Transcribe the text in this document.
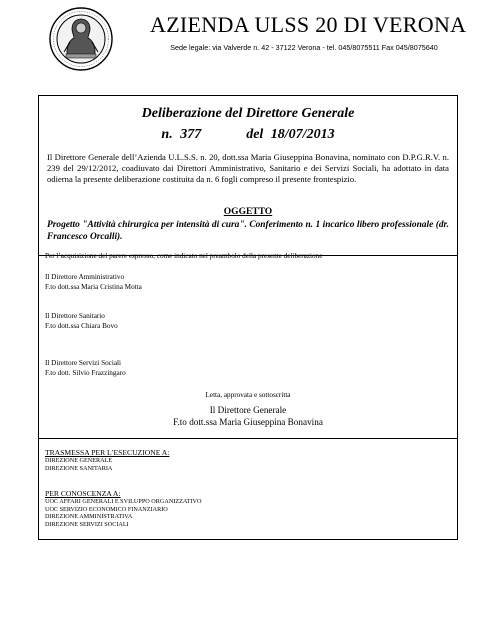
AZIENDA ULSS 20 DI VERONA
Sede legale: via Valverde n. 42 - 37122 Verona - tel. 045/8075511 Fax 045/8075640
Deliberazione del Direttore Generale
n. 377      del 18/07/2013
Il Direttore Generale dell’Azienda U.L.S.S. n. 20, dott.ssa Maria Giuseppina Bonavina, nominato con D.P.G.R.V. n. 239 del 29/12/2012, coadiuvato dai Direttori Amministrativo, Sanitario e dei Servizi Sociali, ha adottato in data odierna la presente deliberazione costituita da n. 6 fogli compreso il presente frontespizio.
OGGETTO
Progetto "Attività chirurgica per intensità di cura". Conferimento n. 1 incarico libero professionale (dr. Francesco Orcalli).
Per l’acquisizione del parere espresso, come indicato nel preambolo della presente deliberazione
Il Direttore Amministrativo
F.to dott.ssa Maria Cristina Motta
Il Direttore Sanitario
F.to dott.ssa Chiara Bovo
Il Direttore Servizi Sociali
F.to dott. Silvio Frazzingaro
Letta, approvata e sottoscritta
Il Direttore Generale
F.to dott.ssa Maria Giuseppina Bonavina
TRASMESSA PER L’ESECUZIONE A:
DIREZIONE GENERALE
DIREZIONE SANITARIA
PER CONOSCENZA A:
UOC AFFARI GENERALI E SVILUPPO ORGANIZZATIVO
UOC SERVIZIO ECONOMICO FINANZIARIO
DIREZIONE AMMINISTRATIVA
DIREZIONE SERVIZI SOCIALI
